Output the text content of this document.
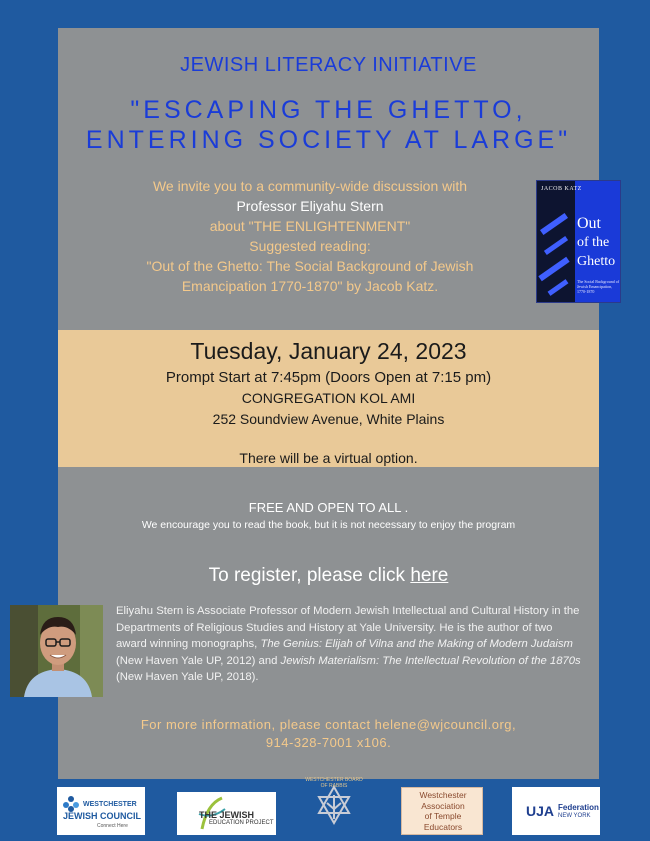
JEWISH LITERACY INITIATIVE
"ESCAPING THE GHETTO,
ENTERING SOCIETY AT LARGE"
We invite you to a community-wide discussion with
Professor Eliyahu Stern
about "THE ENLIGHTENMENT"
Suggested reading:
"Out of the Ghetto: The Social Background of Jewish
Emancipation 1770-1870" by Jacob Katz.
JACOB KATZ
Out
of the
Ghetto
The Social Background of Jewish Emancipation, 1770-1870
Tuesday, January 24, 2023
Prompt Start at 7:45pm (Doors Open at 7:15 pm)
CONGREGATION KOL AMI
252 Soundview Avenue, White Plains
There will be a virtual option.
FREE AND OPEN TO ALL .
We encourage you to read the book, but it is not necessary to enjoy the program
To register, please click here
Eliyahu Stern is Associate Professor of Modern Jewish Intellectual and Cultural History in the Departments of Religious Studies and History at Yale University. He is the author of two award winning monographs, The Genius: Elijah of Vilna and the Making of Modern Judaism (New Haven Yale UP, 2012) and Jewish Materialism: The Intellectual Revolution of the 1870s (New Haven Yale UP, 2018).
For more information, please contact helene@wjcouncil.org,
914-328-7001 x106.
WESTCHESTER
JEWISH COUNCIL
Connect Here
THE JEWISH
EDUCATION PROJECT
WESTCHESTER BOARD OF RABBIS
Westchester
Association
of Temple
Educators
UJA Federation
NEW YORK
